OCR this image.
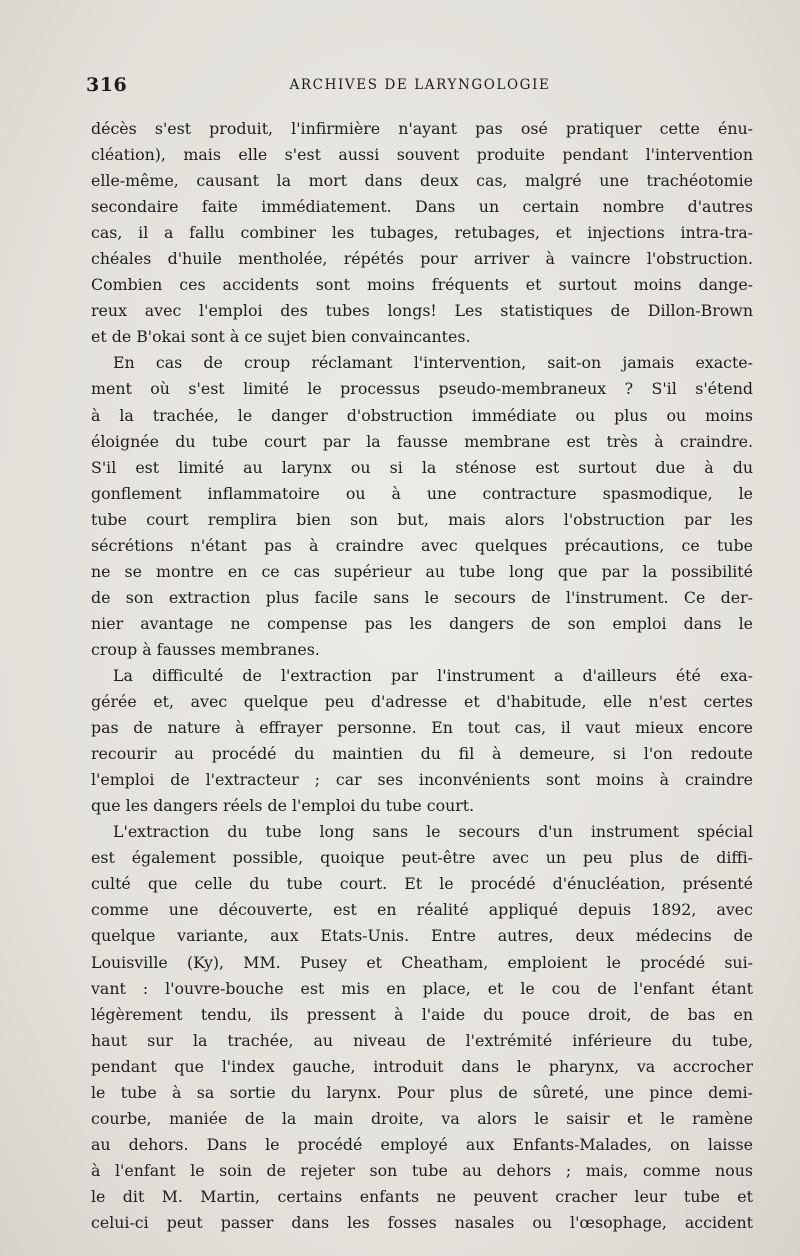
316	ARCHIVES DE LARYNGOLOGIE
décès s'est produit, l'infirmière n'ayant pas osé pratiquer cette énu-
cléation), mais elle s'est aussi souvent produite pendant l'intervention
elle-même, causant la mort dans deux cas, malgré une trachéotomie
secondaire faite immédiatement. Dans un certain nombre d'autres
cas, il a fallu combiner les tubages, retubages, et injections intra-tra-
chéales d'huile mentholée, répétés pour arriver à vaincre l'obstruction.
Combien ces accidents sont moins fréquents et surtout moins dange-
reux avec l'emploi des tubes longs! Les statistiques de Dillon-Brown
et de B'okai sont à ce sujet bien convaincantes.
En cas de croup réclamant l'intervention, sait-on jamais exacte-
ment où s'est limité le processus pseudo-membraneux ? S'il s'étend
à la trachée, le danger d'obstruction immédiate ou plus ou moins
éloignée du tube court par la fausse membrane est très à craindre.
S'il est limité au larynx ou si la sténose est surtout due à du
gonflement inflammatoire ou à une contracture spasmodique, le
tube court remplira bien son but, mais alors l'obstruction par les
sécrétions n'étant pas à craindre avec quelques précautions, ce tube
ne se montre en ce cas supérieur au tube long que par la possibilité
de son extraction plus facile sans le secours de l'instrument. Ce der-
nier avantage ne compense pas les dangers de son emploi dans le
croup à fausses membranes.
La difficulté de l'extraction par l'instrument a d'ailleurs été exa-
gérée et, avec quelque peu d'adresse et d'habitude, elle n'est certes
pas de nature à effrayer personne. En tout cas, il vaut mieux encore
recourir au procédé du maintien du fil à demeure, si l'on redoute
l'emploi de l'extracteur ; car ses inconvénients sont moins à craindre
que les dangers réels de l'emploi du tube court.
L'extraction du tube long sans le secours d'un instrument spécial
est également possible, quoique peut-être avec un peu plus de diffi-
culté que celle du tube court. Et le procédé d'énucléation, présenté
comme une découverte, est en réalité appliqué depuis 1892, avec
quelque variante, aux Etats-Unis. Entre autres, deux médecins de
Louisville (Ky), MM. Pusey et Cheatham, emploient le procédé sui-
vant : l'ouvre-bouche est mis en place, et le cou de l'enfant étant
légèrement tendu, ils pressent à l'aide du pouce droit, de bas en
haut sur la trachée, au niveau de l'extrémité inférieure du tube,
pendant que l'index gauche, introduit dans le pharynx, va accrocher
le tube à sa sortie du larynx. Pour plus de sûreté, une pince demi-
courbe, maniée de la main droite, va alors le saisir et le ramène
au dehors. Dans le procédé employé aux Enfants-Malades, on laisse
à l'enfant le soin de rejeter son tube au dehors ; mais, comme nous
le dit M. Martin, certains enfants ne peuvent cracher leur tube et
celui-ci peut passer dans les fosses nasales ou l'œsophage, accident
